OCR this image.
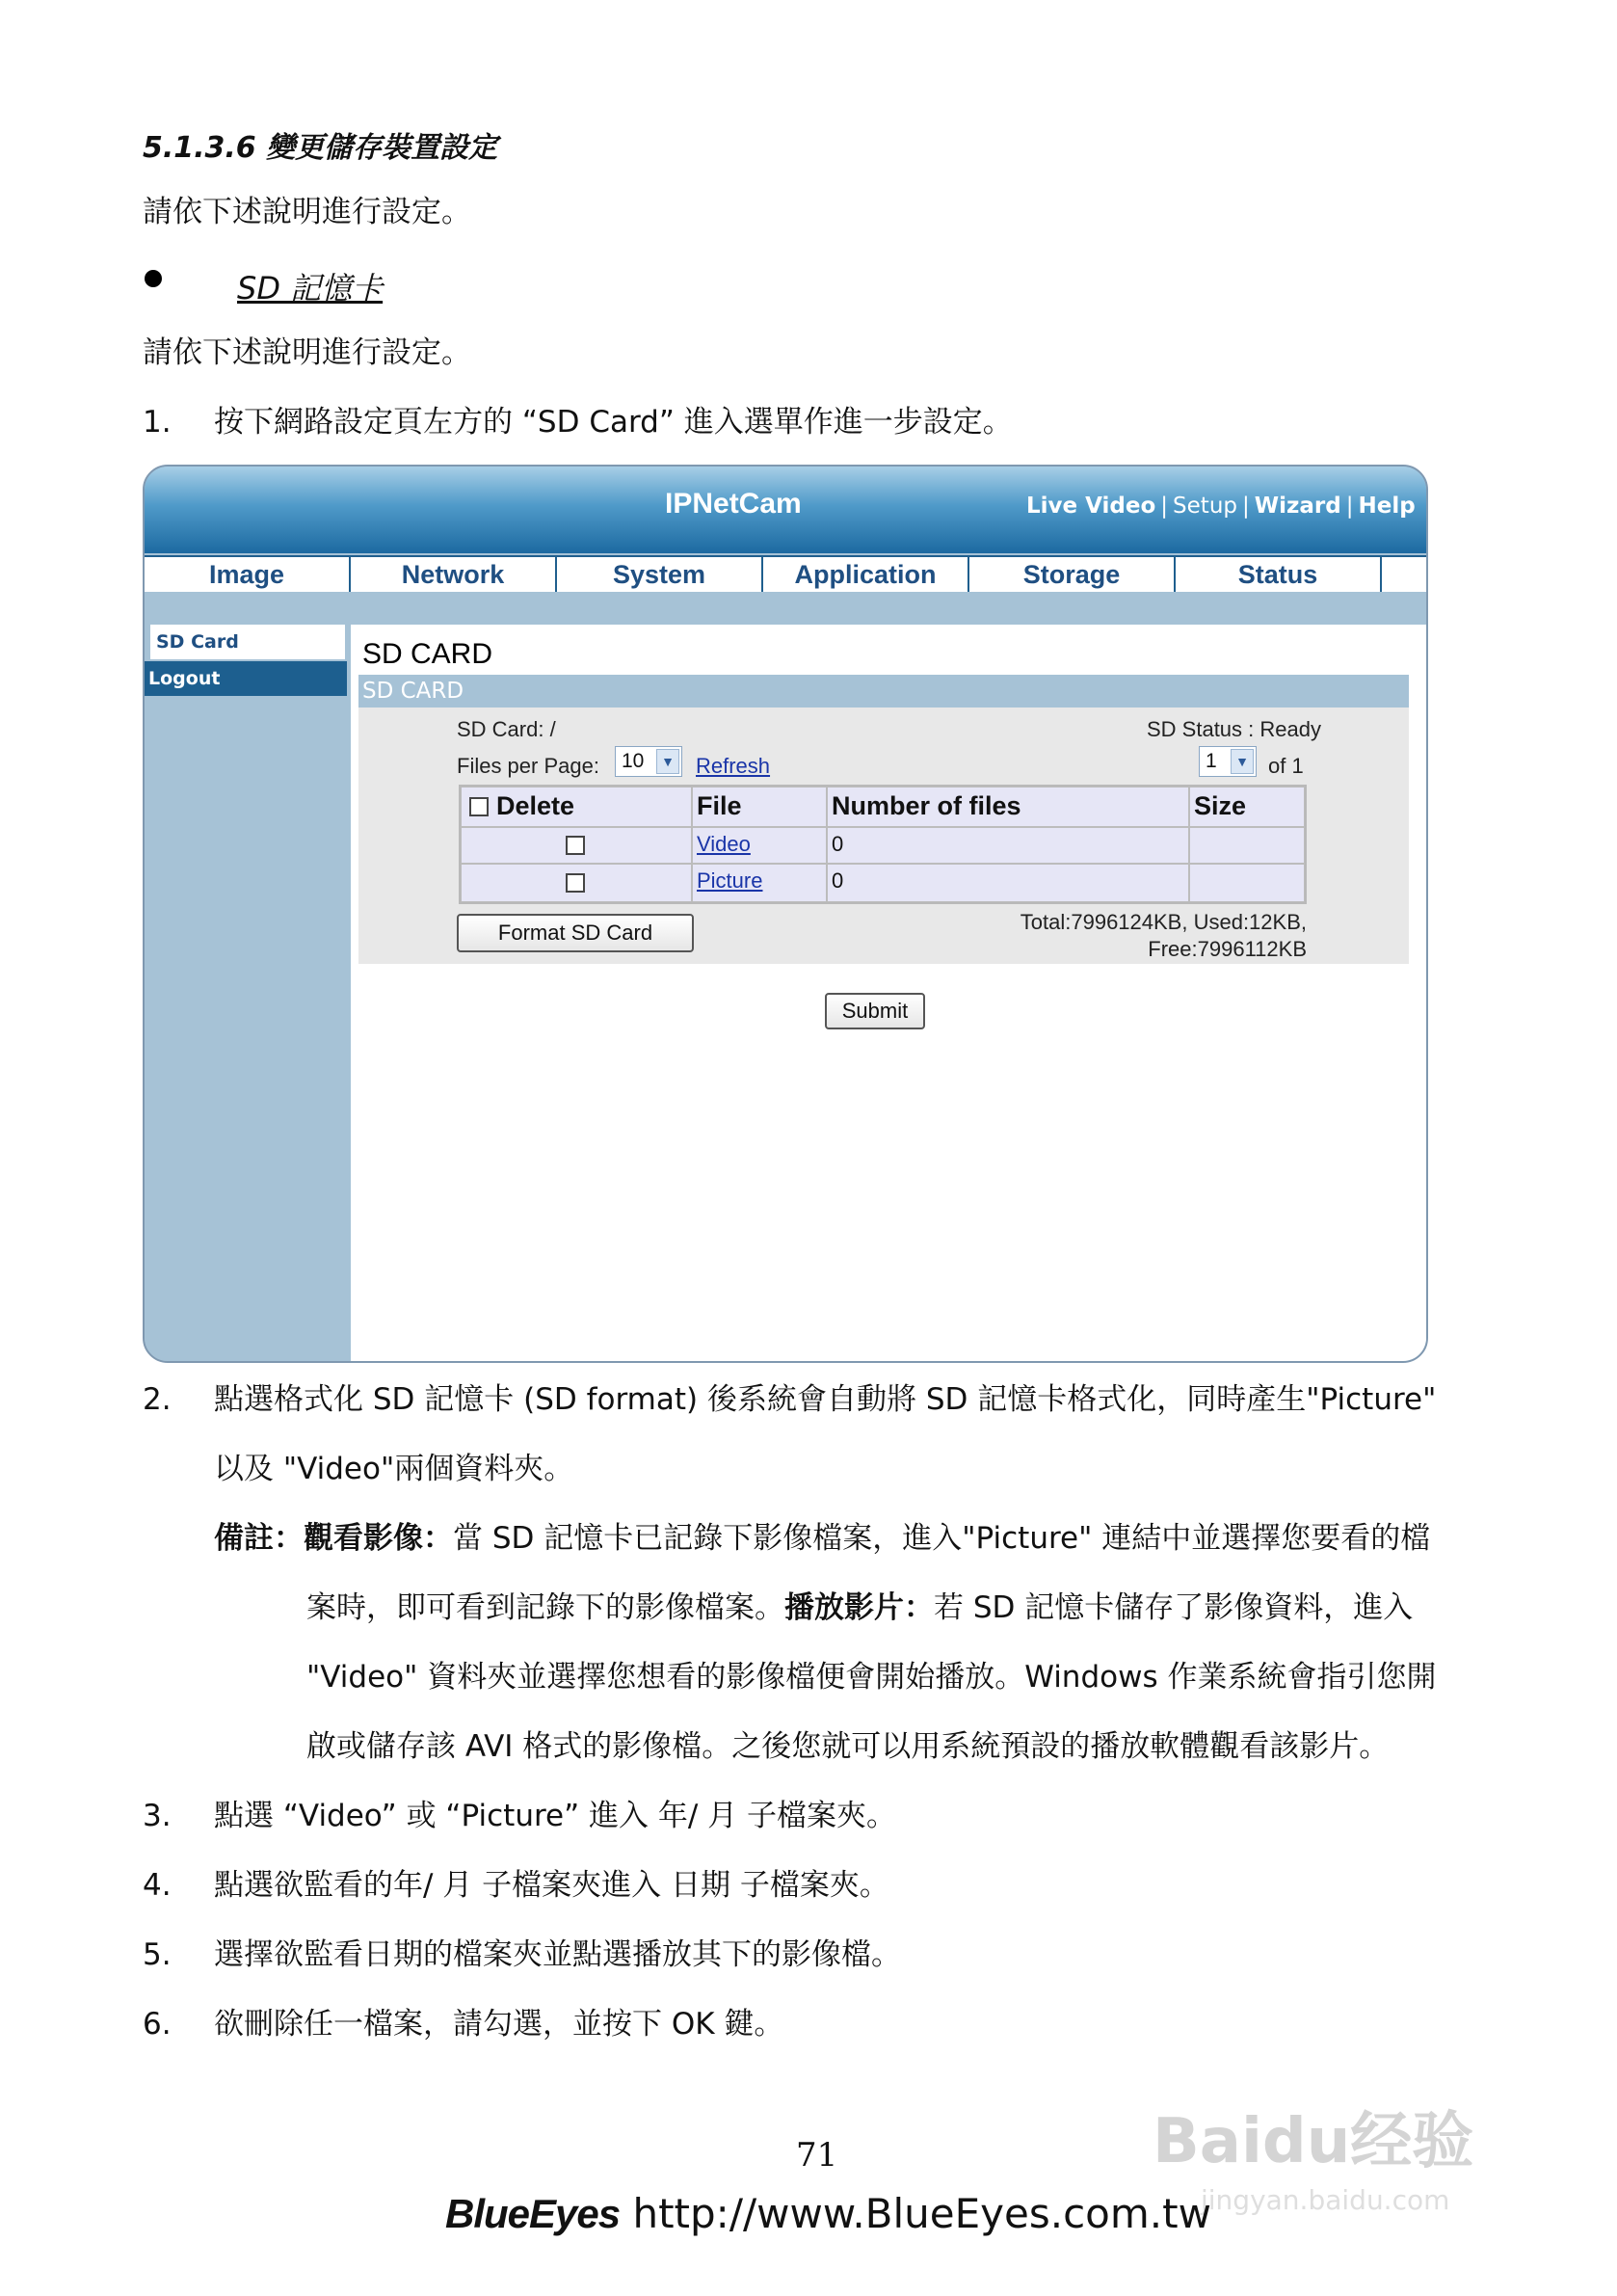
5.1.3.6 變更儲存裝置設定
請依下述說明進行設定。
SD 記憶卡
請依下述說明進行設定。
1. 按下網路設定頁左方的 “SD Card” 進入選單作進一步設定。
IPNetCam	Live Video | Setup | Wizard | Help
Image	Network	System	Application	Storage	Status
SD Card
Logout
SD CARD
SD CARD
SD Card: /	SD Status : Ready
Files per Page:	10	▼ Refresh	1	▼ of 1
Delete	File	Number of files	Size
Video	0
Picture	0
Format SD Card	Total:7996124KB, Used:12KB,
Free:7996112KB
Submit
2. 點選格式化 SD 記憶卡 (SD format) 後系統會自動將 SD 記憶卡格式化，同時產生"Picture"
以及 "Video"兩個資料夾。
備註：觀看影像：當 SD 記憶卡已記錄下影像檔案，進入"Picture" 連結中並選擇您要看的檔
案時，即可看到記錄下的影像檔案。播放影片：若 SD 記憶卡儲存了影像資料，進入
"Video" 資料夾並選擇您想看的影像檔便會開始播放。Windows 作業系統會指引您開
啟或儲存該 AVI 格式的影像檔。之後您就可以用系統預設的播放軟體觀看該影片。
3. 點選 “Video” 或 “Picture” 進入 年/ 月 子檔案夾。
4. 點選欲監看的年/ 月 子檔案夾進入 日期 子檔案夾。
5. 選擇欲監看日期的檔案夾並點選播放其下的影像檔。
6. 欲刪除任一檔案，請勾選，並按下 OK 鍵。
Baidu经验
jingyan.baidu.com
71
BlueEyes http://www.BlueEyes.com.tw
